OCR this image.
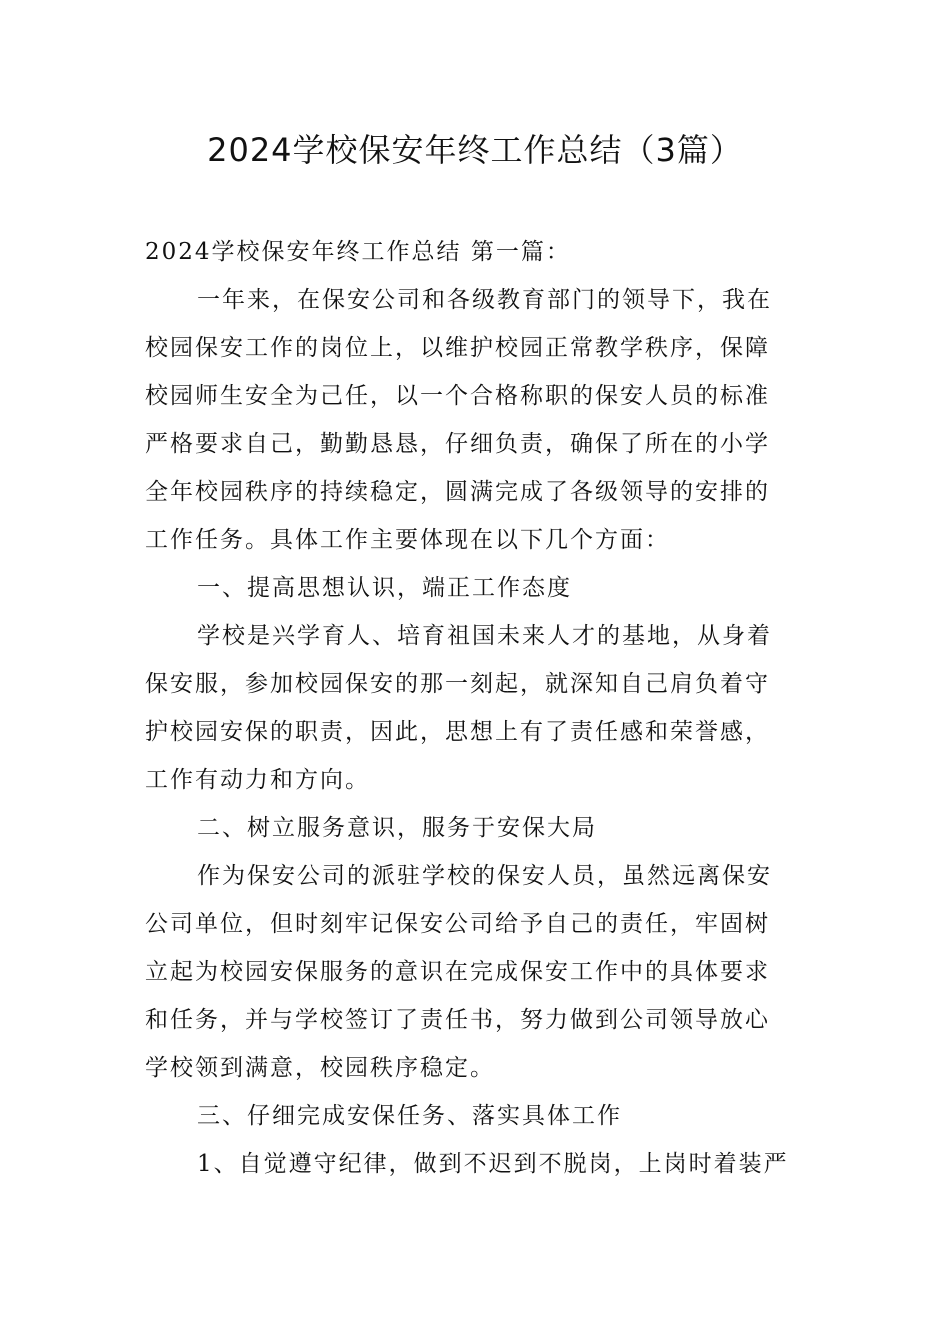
2024学校保安年终工作总结（3篇）
2024学校保安年终工作总结 第一篇：
一年来，在保安公司和各级教育部门的领导下，我在
校园保安工作的岗位上，以维护校园正常教学秩序，保障
校园师生安全为己任，以一个合格称职的保安人员的标准
严格要求自己，勤勤恳恳，仔细负责，确保了所在的小学
全年校园秩序的持续稳定，圆满完成了各级领导的安排的
工作任务。具体工作主要体现在以下几个方面：
一、提高思想认识，端正工作态度
学校是兴学育人、培育祖国未来人才的基地，从身着
保安服，参加校园保安的那一刻起，就深知自己肩负着守
护校园安保的职责，因此，思想上有了责任感和荣誉感，
工作有动力和方向。
二、树立服务意识，服务于安保大局
作为保安公司的派驻学校的保安人员，虽然远离保安
公司单位，但时刻牢记保安公司给予自己的责任，牢固树
立起为校园安保服务的意识在完成保安工作中的具体要求
和任务，并与学校签订了责任书，努力做到公司领导放心
学校领到满意，校园秩序稳定。
三、仔细完成安保任务、落实具体工作
1、自觉遵守纪律，做到不迟到不脱岗，上岗时着装严
